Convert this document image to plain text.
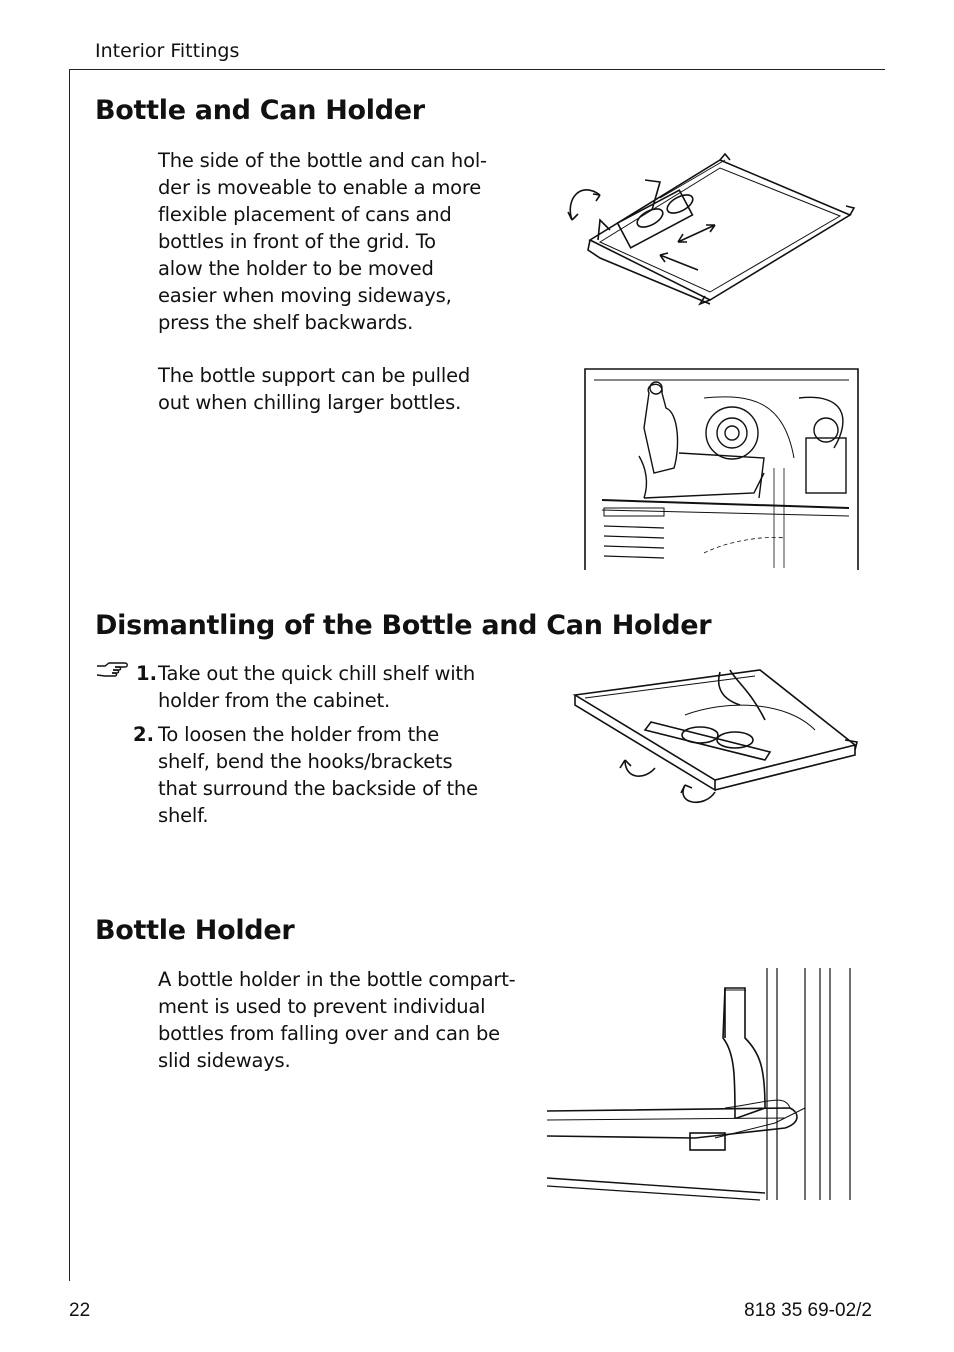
Interior Fittings
Bottle and Can Holder
The side of the bottle and can hol-
der is moveable to enable a more
flexible placement of cans and
bottles in front of the grid. To
alow the holder to be moved
easier when moving sideways,
press the shelf backwards.
The bottle support can be pulled
out when chilling larger bottles.
Dismantling of the Bottle and Can Holder
1. Take out the quick chill shelf with
holder from the cabinet.
2. To loosen the holder from the
shelf, bend the hooks/brackets
that surround the backside of the
shelf.
Bottle Holder
A bottle holder in the bottle compart-
ment is used to prevent individual
bottles from falling over and can be
slid sideways.
22	818 35 69-02/2
